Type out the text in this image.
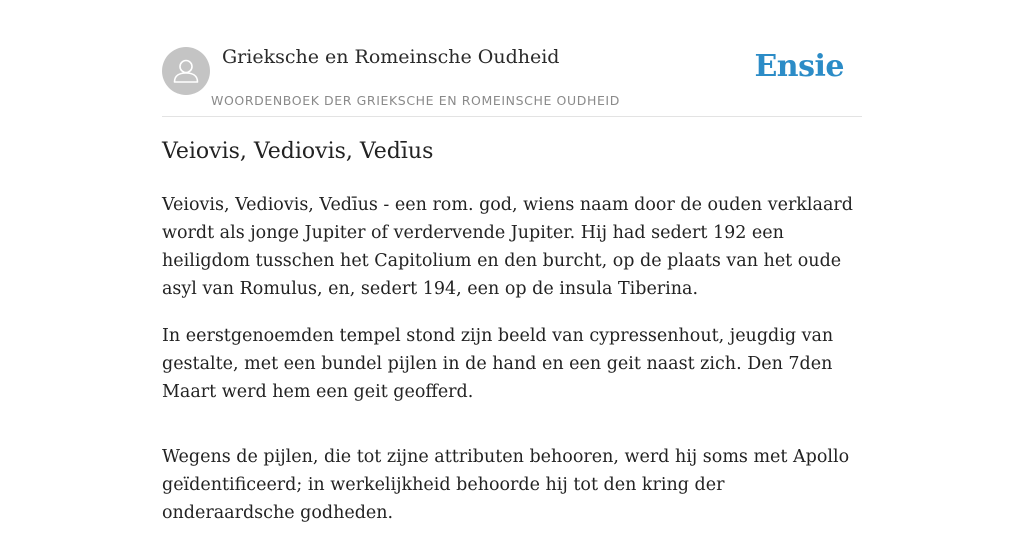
Grieksche en Romeinsche Oudheid
WOORDENBOEK DER GRIEKSCHE EN ROMEINSCHE OUDHEID
Ensie
Veiovis, Vediovis, Vedīus

Veiovis, Vediovis, Vedīus - een rom. god, wiens naam door de ouden verklaard wordt als jonge Jupiter of verdervende Jupiter. Hij had sedert 192 een heiligdom tusschen het Capitolium en den burcht, op de plaats van het oude asyl van Romulus, en, sedert 194, een op de insula Tiberina.

In eerstgenoemden tempel stond zijn beeld van cypressenhout, jeugdig van gestalte, met een bundel pijlen in de hand en een geit naast zich. Den 7den Maart werd hem een geit geofferd.

Wegens de pijlen, die tot zijne attributen behooren, werd hij soms met Apollo geïdentificeerd; in werkelijkheid behoorde hij tot den kring der onderaardsche godheden.
